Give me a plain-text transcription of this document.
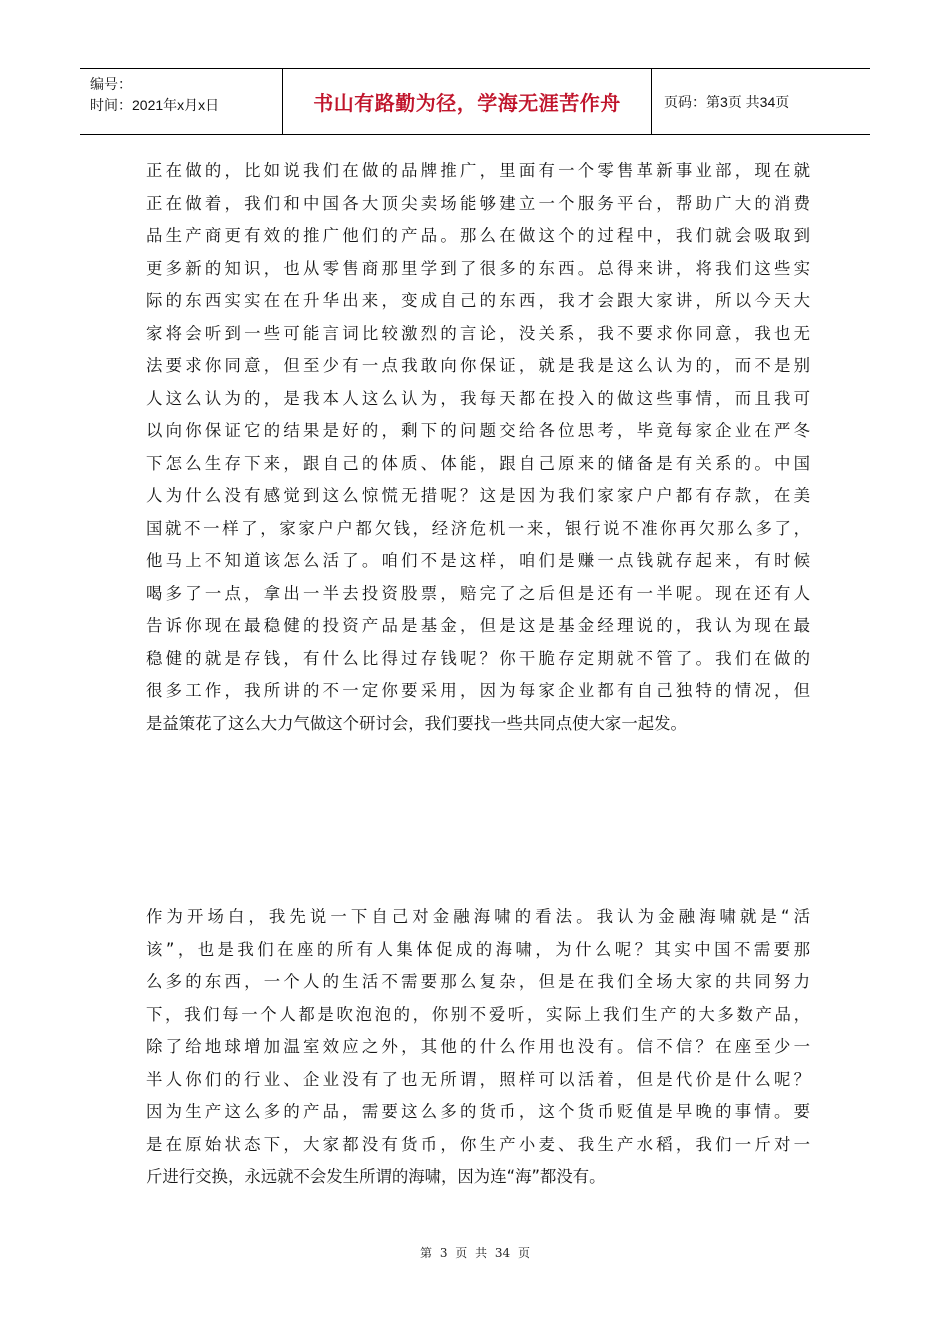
编号：
时间：2021年x月x日	书山有路勤为径，学海无涯苦作舟	页码：第3页 共34页
正在做的，比如说我们在做的品牌推广，里面有一个零售革新事业部，现在就
正在做着，我们和中国各大顶尖卖场能够建立一个服务平台，帮助广大的消费
品生产商更有效的推广他们的产品。那么在做这个的过程中，我们就会吸取到
更多新的知识，也从零售商那里学到了很多的东西。总得来讲，将我们这些实
际的东西实实在在升华出来，变成自己的东西，我才会跟大家讲，所以今天大
家将会听到一些可能言词比较激烈的言论，没关系，我不要求你同意，我也无
法要求你同意，但至少有一点我敢向你保证，就是我是这么认为的，而不是别
人这么认为的，是我本人这么认为，我每天都在投入的做这些事情，而且我可
以向你保证它的结果是好的，剩下的问题交给各位思考，毕竟每家企业在严冬
下怎么生存下来，跟自己的体质、体能，跟自己原来的储备是有关系的。中国
人为什么没有感觉到这么惊慌无措呢？这是因为我们家家户户都有存款，在美
国就不一样了，家家户户都欠钱，经济危机一来，银行说不准你再欠那么多了，
他马上不知道该怎么活了。咱们不是这样，咱们是赚一点钱就存起来，有时候
喝多了一点，拿出一半去投资股票，赔完了之后但是还有一半呢。现在还有人
告诉你现在最稳健的投资产品是基金，但是这是基金经理说的，我认为现在最
稳健的就是存钱，有什么比得过存钱呢？你干脆存定期就不管了。我们在做的
很多工作，我所讲的不一定你要采用，因为每家企业都有自己独特的情况，但
是益策花了这么大力气做这个研讨会，我们要找一些共同点使大家一起发。
作为开场白，我先说一下自己对金融海啸的看法。我认为金融海啸就是“活
该”，也是我们在座的所有人集体促成的海啸，为什么呢？其实中国不需要那
么多的东西，一个人的生活不需要那么复杂，但是在我们全场大家的共同努力
下，我们每一个人都是吹泡泡的，你别不爱听，实际上我们生产的大多数产品，
除了给地球增加温室效应之外，其他的什么作用也没有。信不信？在座至少一
半人你们的行业、企业没有了也无所谓，照样可以活着，但是代价是什么呢？
因为生产这么多的产品，需要这么多的货币，这个货币贬值是早晚的事情。要
是在原始状态下，大家都没有货币，你生产小麦、我生产水稻，我们一斤对一
斤进行交换，永远就不会发生所谓的海啸，因为连“海”都没有。
第 3 页 共 34 页
